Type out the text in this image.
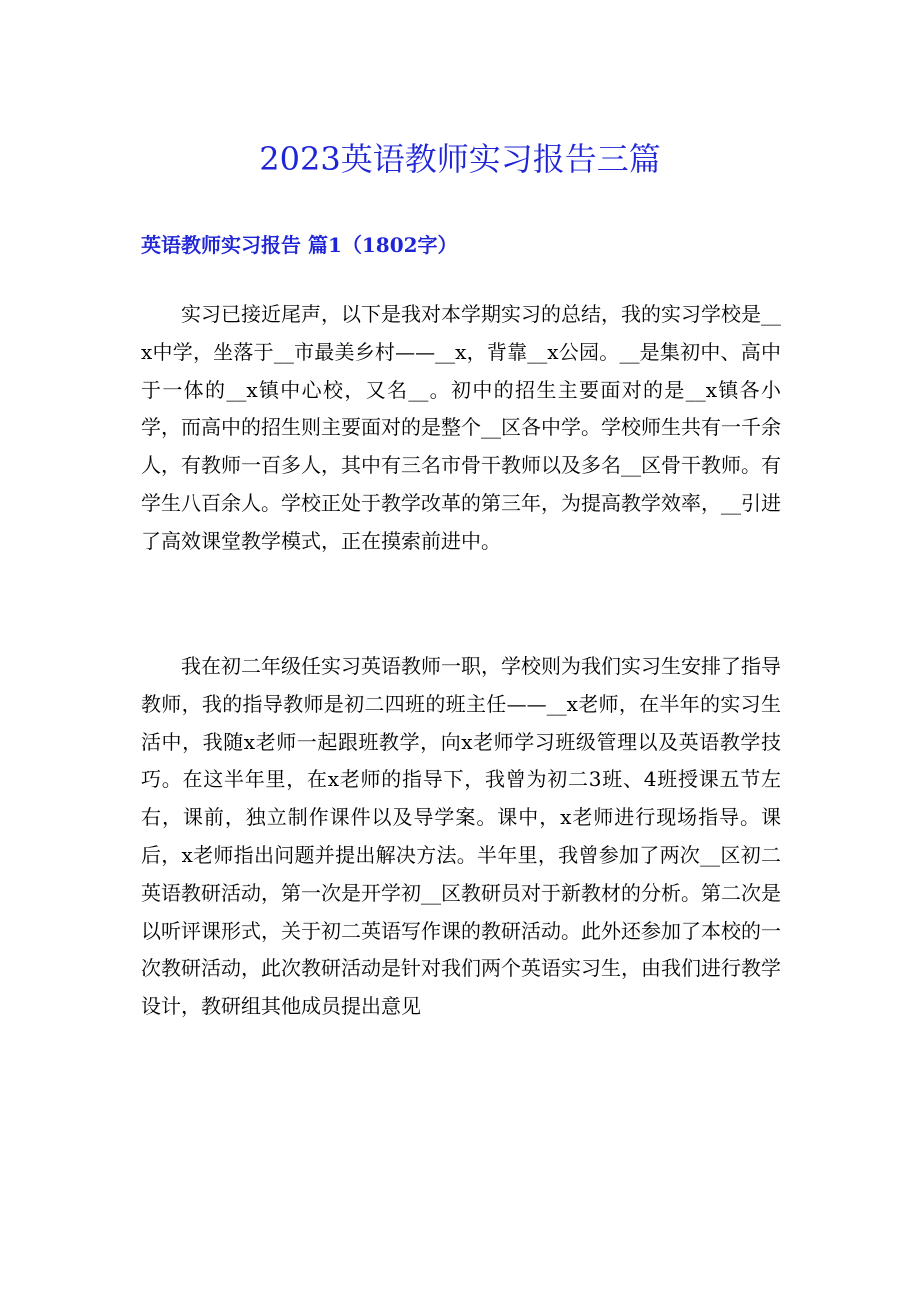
2023英语教师实习报告三篇
英语教师实习报告 篇1（1802字）

实习已接近尾声，以下是我对本学期实习的总结，我的实习学校是__x中学，坐落于__市最美乡村——__x，背靠__x公园。__是集初中、高中于一体的__x镇中心校，又名__。初中的招生主要面对的是__x镇各小学，而高中的招生则主要面对的是整个__区各中学。学校师生共有一千余人，有教师一百多人，其中有三名市骨干教师以及多名__区骨干教师。有学生八百余人。学校正处于教学改革的第三年，为提高教学效率，__引进了高效课堂教学模式，正在摸索前进中。

我在初二年级任实习英语教师一职，学校则为我们实习生安排了指导教师，我的指导教师是初二四班的班主任——__x老师，在半年的实习生活中，我随x老师一起跟班教学，向x老师学习班级管理以及英语教学技巧。在这半年里，在x老师的指导下，我曾为初二3班、4班授课五节左右，课前，独立制作课件以及导学案。课中，x老师进行现场指导。课后，x老师指出问题并提出解决方法。半年里，我曾参加了两次__区初二英语教研活动，第一次是开学初__区教研员对于新教材的分析。第二次是以听评课形式，关于初二英语写作课的教研活动。此外还参加了本校的一次教研活动，此次教研活动是针对我们两个英语实习生，由我们进行教学设计，教研组其他成员提出意见
